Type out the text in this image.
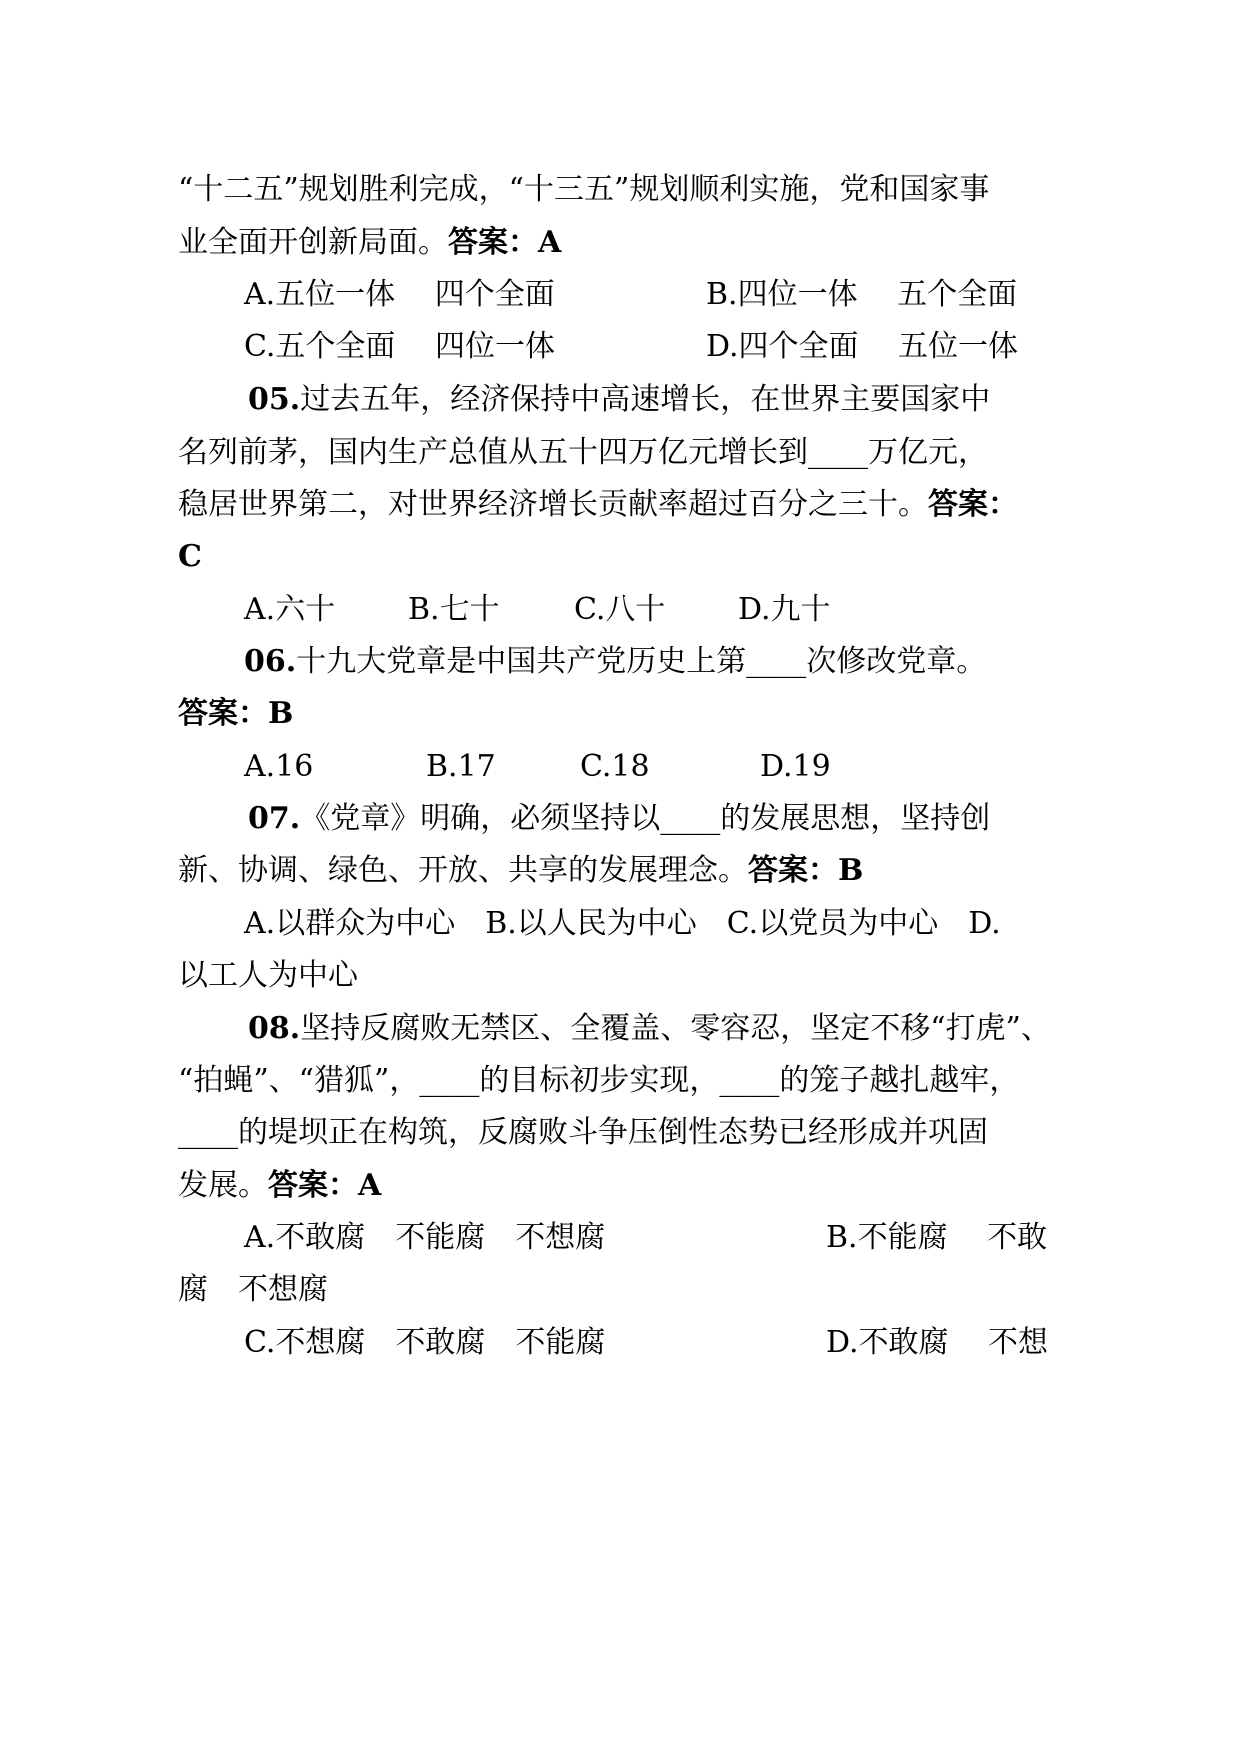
“十二五”规划胜利完成，“十三五”规划顺利实施，党和国家事
业全面开创新局面。答案：A
A.五位一体　 四个全面	B.四位一体　 五个全面
C.五个全面　 四位一体	D.四个全面　 五位一体
05.过去五年，经济保持中高速增长，在世界主要国家中
名列前茅，国内生产总值从五十四万亿元增长到____万亿元，
稳居世界第二，对世界经济增长贡献率超过百分之三十。答案：
C
A.六十 B.七十 C.八十 D.九十
06.十九大党章是中国共产党历史上第____次修改党章。
答案：B
A.16	B.17	C.18	D.19
07.《党章》明确，必须坚持以____的发展思想，坚持创
新、协调、绿色、开放、共享的发展理念。答案：B
A.以群众为中心　B.以人民为中心　C.以党员为中心　D.
以工人为中心
08.坚持反腐败无禁区、全覆盖、零容忍，坚定不移“打虎”、
“拍蝇”、“猎狐”，____的目标初步实现，____的笼子越扎越牢，
____的堤坝正在构筑，反腐败斗争压倒性态势已经形成并巩固
发展。答案：A
A.不敢腐　不能腐　不想腐	B.不能腐　 不敢
腐　不想腐
C.不想腐　不敢腐　不能腐	D.不敢腐　 不想
